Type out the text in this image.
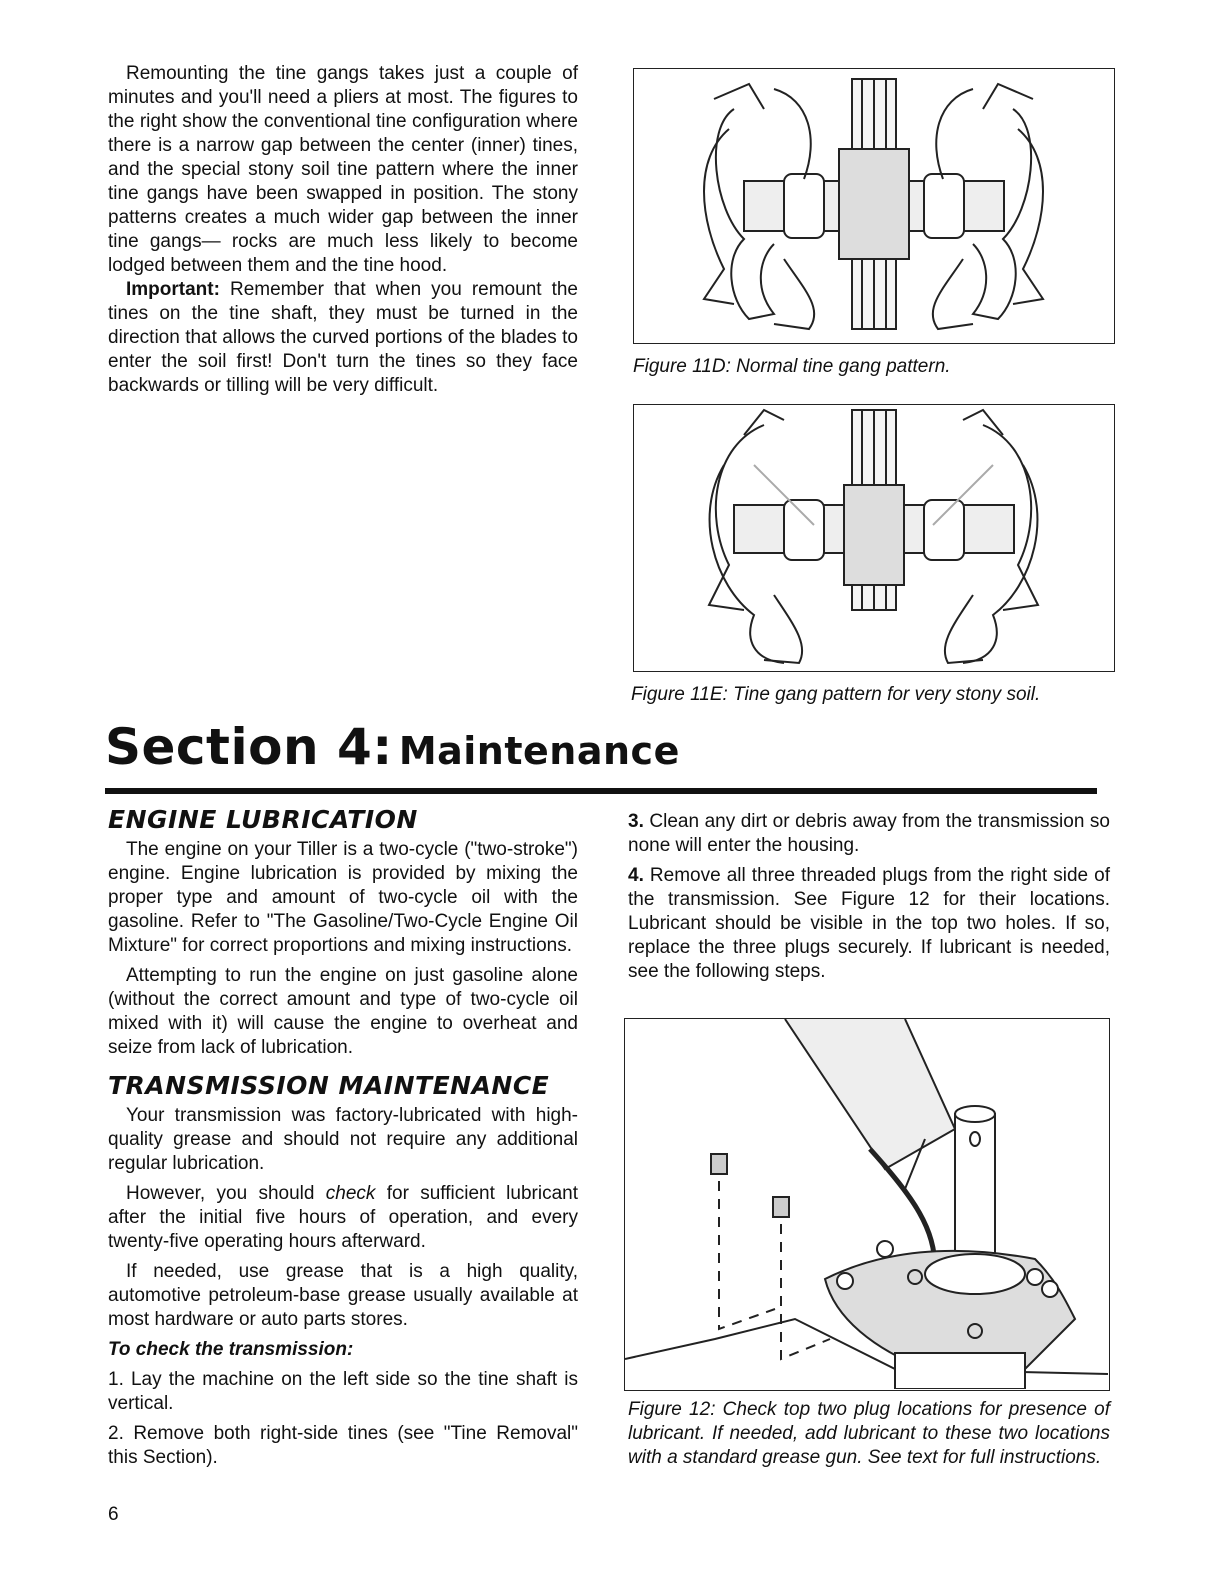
Remounting the tine gangs takes just a couple of minutes and you'll need a pliers at most. The figures to the right show the conventional tine configuration where there is a narrow gap between the center (inner) tines, and the special stony soil tine pattern where the inner tine gangs have been swapped in position. The stony patterns creates a much wider gap between the inner tine gangs— rocks are much less likely to become lodged between them and the tine hood.

Important: Remember that when you remount the tines on the tine shaft, they must be turned in the direction that allows the curved portions of the blades to enter the soil first! Don't turn the tines so they face backwards or tilling will be very difficult.

Figure 11D: Normal tine gang pattern.
Figure 11E: Tine gang pattern for very stony soil.
Section 4: Maintenance

ENGINE LUBRICATION

The engine on your Tiller is a two-cycle ("two-stroke") engine. Engine lubrication is provided by mixing the proper type and amount of two-cycle oil with the gasoline. Refer to "The Gasoline/Two-Cycle Engine Oil Mixture" for correct proportions and mixing instructions.

Attempting to run the engine on just gasoline alone (without the correct amount and type of two-cycle oil mixed with it) will cause the engine to overheat and seize from lack of lubrication.

TRANSMISSION MAINTENANCE

Your transmission was factory-lubricated with high-quality grease and should not require any additional regular lubrication.

However, you should check for sufficient lubricant after the initial five hours of operation, and every twenty-five operating hours afterward.

If needed, use grease that is a high quality, automotive petroleum-base grease usually available at most hardware or auto parts stores.

To check the transmission:

1. Lay the machine on the left side so the tine shaft is vertical.

2. Remove both right-side tines (see "Tine Removal" this Section).

3. Clean any dirt or debris away from the transmission so none will enter the housing.

4. Remove all three threaded plugs from the right side of the transmission. See Figure 12 for their locations. Lubricant should be visible in the top two holes. If so, replace the three plugs securely. If lubricant is needed, see the following steps.

Figure 12: Check top two plug locations for presence of lubricant. If needed, add lubricant to these two locations with a standard grease gun. See text for full instructions.
6
